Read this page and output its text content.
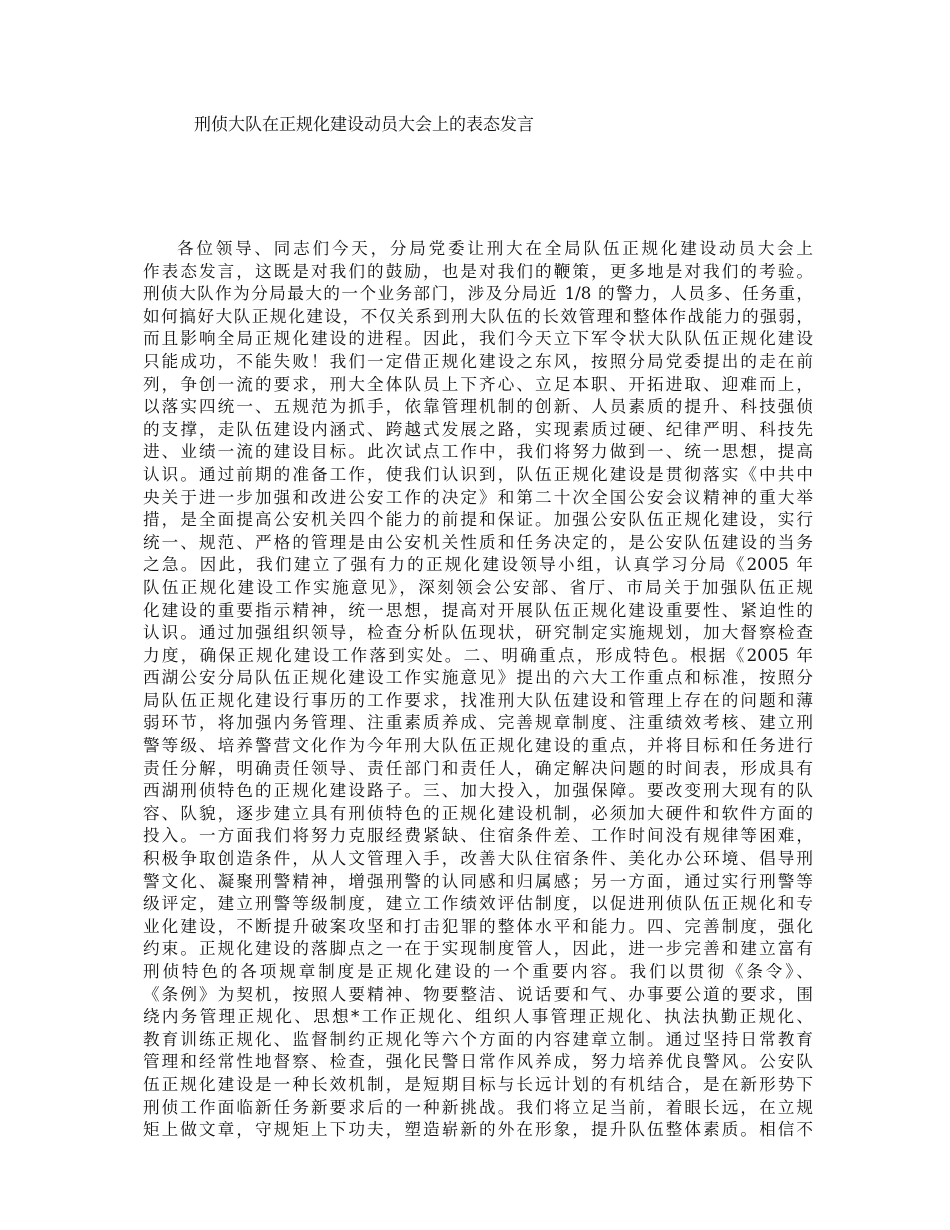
刑侦大队在正规化建设动员大会上的表态发言
各位领导、同志们今天，分局党委让刑大在全局队伍正规化建设动员大会上
作表态发言，这既是对我们的鼓励，也是对我们的鞭策，更多地是对我们的考验。
刑侦大队作为分局最大的一个业务部门，涉及分局近 1/8 的警力，人员多、任务重，
如何搞好大队正规化建设，不仅关系到刑大队伍的长效管理和整体作战能力的强弱，
而且影响全局正规化建设的进程。因此，我们今天立下军令状大队队伍正规化建设
只能成功，不能失败！我们一定借正规化建设之东风，按照分局党委提出的走在前
列，争创一流的要求，刑大全体队员上下齐心、立足本职、开拓进取、迎难而上，
以落实四统一、五规范为抓手，依靠管理机制的创新、人员素质的提升、科技强侦
的支撑，走队伍建设内涵式、跨越式发展之路，实现素质过硬、纪律严明、科技先
进、业绩一流的建设目标。此次试点工作中，我们将努力做到一、统一思想，提高
认识。通过前期的准备工作，使我们认识到，队伍正规化建设是贯彻落实《中共中
央关于进一步加强和改进公安工作的决定》和第二十次全国公安会议精神的重大举
措，是全面提高公安机关四个能力的前提和保证。加强公安队伍正规化建设，实行
统一、规范、严格的管理是由公安机关性质和任务决定的，是公安队伍建设的当务
之急。因此，我们建立了强有力的正规化建设领导小组，认真学习分局《2005 年
队伍正规化建设工作实施意见》，深刻领会公安部、省厅、市局关于加强队伍正规
化建设的重要指示精神，统一思想，提高对开展队伍正规化建设重要性、紧迫性的
认识。通过加强组织领导，检查分析队伍现状，研究制定实施规划，加大督察检查
力度，确保正规化建设工作落到实处。二、明确重点，形成特色。根据《2005 年
西湖公安分局队伍正规化建设工作实施意见》提出的六大工作重点和标准，按照分
局队伍正规化建设行事历的工作要求，找准刑大队伍建设和管理上存在的问题和薄
弱环节，将加强内务管理、注重素质养成、完善规章制度、注重绩效考核、建立刑
警等级、培养警营文化作为今年刑大队伍正规化建设的重点，并将目标和任务进行
责任分解，明确责任领导、责任部门和责任人，确定解决问题的时间表，形成具有
西湖刑侦特色的正规化建设路子。三、加大投入，加强保障。要改变刑大现有的队
容、队貌，逐步建立具有刑侦特色的正规化建设机制，必须加大硬件和软件方面的
投入。一方面我们将努力克服经费紧缺、住宿条件差、工作时间没有规律等困难，
积极争取创造条件，从人文管理入手，改善大队住宿条件、美化办公环境、倡导刑
警文化、凝聚刑警精神，增强刑警的认同感和归属感；另一方面，通过实行刑警等
级评定，建立刑警等级制度，建立工作绩效评估制度，以促进刑侦队伍正规化和专
业化建设，不断提升破案攻坚和打击犯罪的整体水平和能力。四、完善制度，强化
约束。正规化建设的落脚点之一在于实现制度管人，因此，进一步完善和建立富有
刑侦特色的各项规章制度是正规化建设的一个重要内容。我们以贯彻《条令》、
《条例》为契机，按照人要精神、物要整洁、说话要和气、办事要公道的要求，围
绕内务管理正规化、思想*工作正规化、组织人事管理正规化、执法执勤正规化、
教育训练正规化、监督制约正规化等六个方面的内容建章立制。通过坚持日常教育
管理和经常性地督察、检查，强化民警日常作风养成，努力培养优良警风。公安队
伍正规化建设是一种长效机制，是短期目标与长远计划的有机结合，是在新形势下
刑侦工作面临新任务新要求后的一种新挑战。我们将立足当前，着眼长远，在立规
矩上做文章，守规矩上下功夫，塑造崭新的外在形象，提升队伍整体素质。相信不
